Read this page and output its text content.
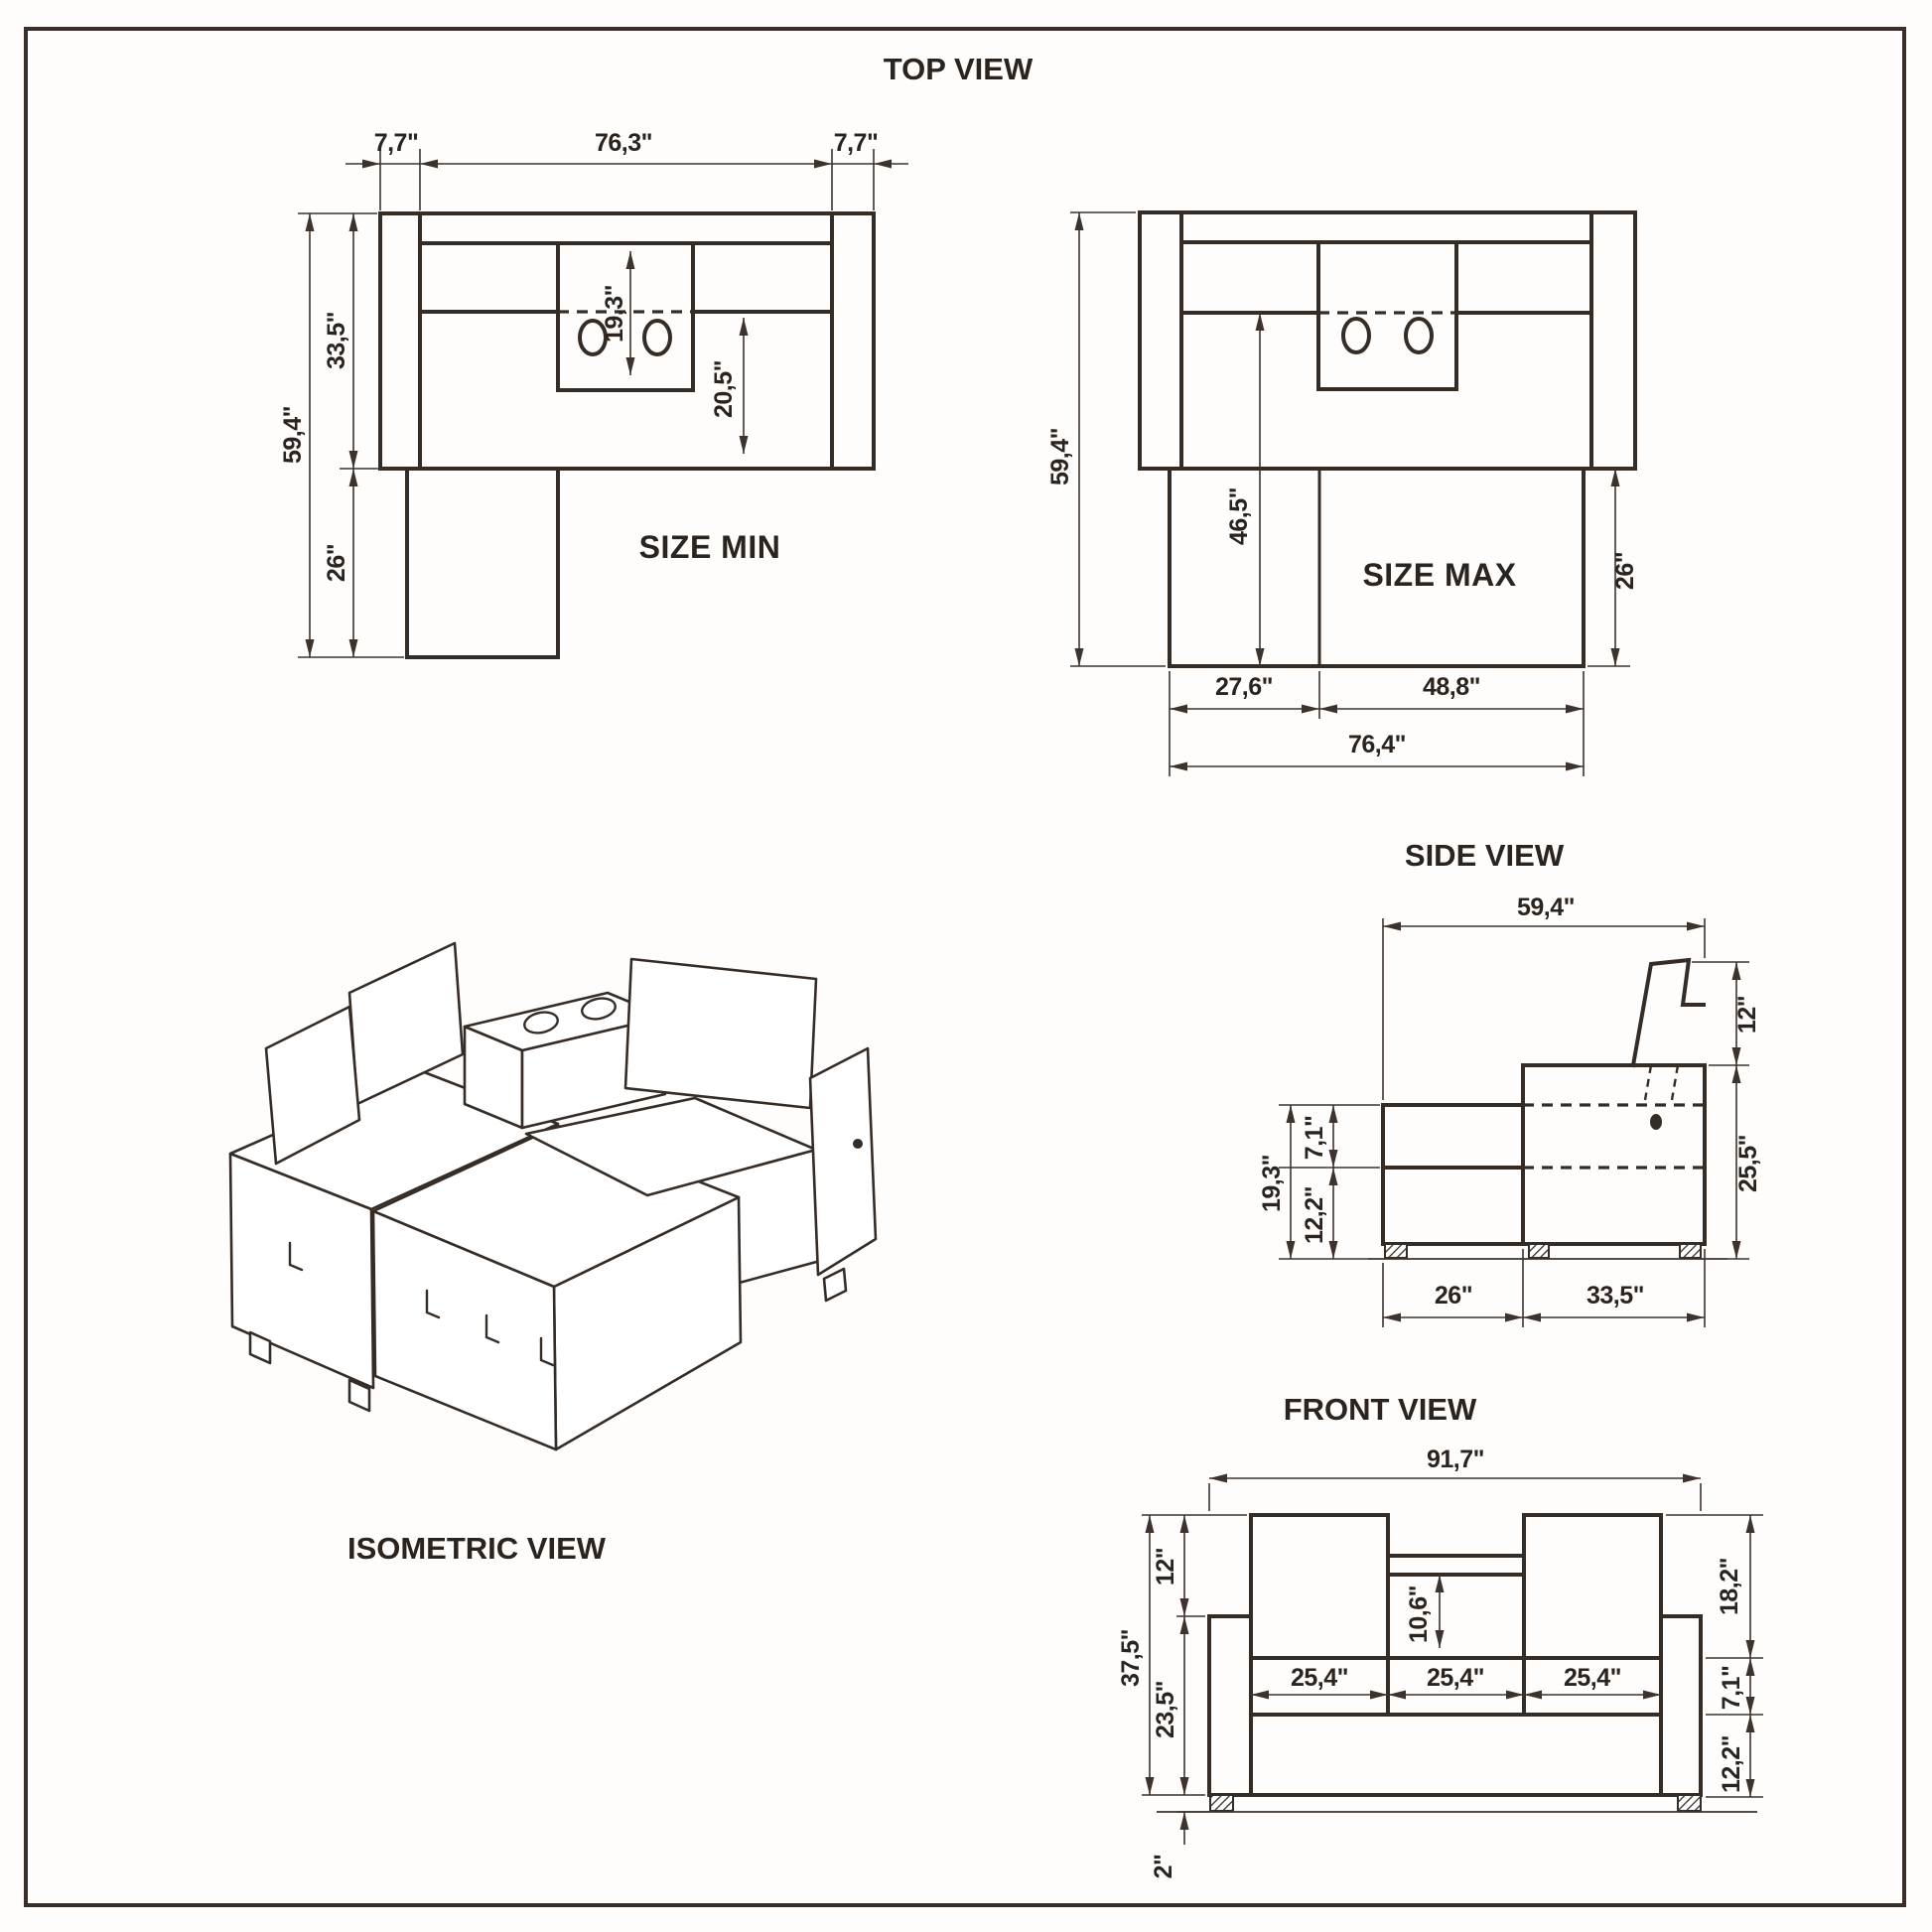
TOP VIEW
7,7"	76,3"	7,7"
59,4"
33,5"
26"
19,3"
20,5"
SIZE MIN
59,4"
46,5"
26"
27,6"	48,8"
76,4"
SIZE MAX
SIDE VIEW
59,4"
12"
25,5"
19,3"
7,1"
12,2"
26"	33,5"
FRONT VIEW
91,7"
10,6"
25,4"	25,4"	25,4"
12"
37,5"
23,5"
2"
18,2"
7,1"
12,2"
ISOMETRIC VIEW
